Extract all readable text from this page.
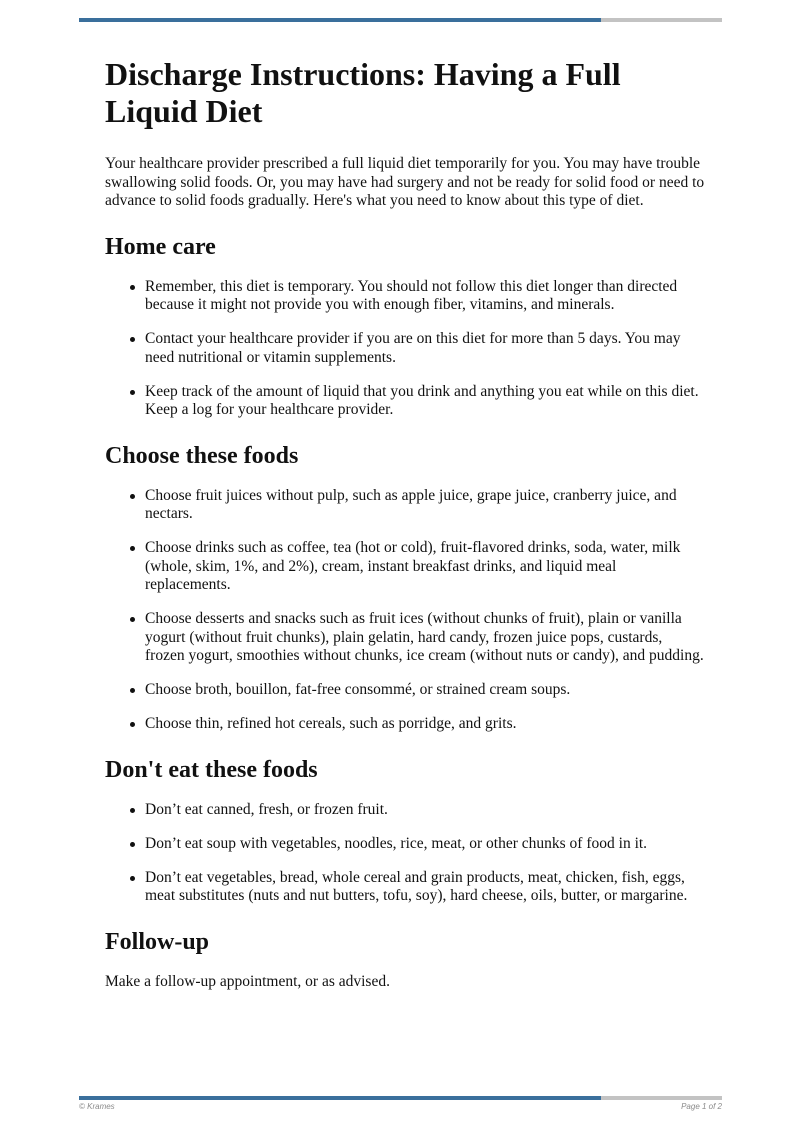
Discharge Instructions: Having a Full Liquid Diet

Your healthcare provider prescribed a full liquid diet temporarily for you. You may have trouble swallowing solid foods. Or, you may have had surgery and not be ready for solid food or need to advance to solid foods gradually. Here's what you need to know about this type of diet.

Home care
Remember, this diet is temporary. You should not follow this diet longer than directed because it might not provide you with enough fiber, vitamins, and minerals.
Contact your healthcare provider if you are on this diet for more than 5 days. You may need nutritional or vitamin supplements.
Keep track of the amount of liquid that you drink and anything you eat while on this diet. Keep a log for your healthcare provider.
Choose these foods
Choose fruit juices without pulp, such as apple juice, grape juice, cranberry juice, and nectars.
Choose drinks such as coffee, tea (hot or cold), fruit-flavored drinks, soda, water, milk (whole, skim, 1%, and 2%), cream, instant breakfast drinks, and liquid meal replacements.
Choose desserts and snacks such as fruit ices (without chunks of fruit), plain or vanilla yogurt (without fruit chunks), plain gelatin, hard candy, frozen juice pops, custards, frozen yogurt, smoothies without chunks, ice cream (without nuts or candy), and pudding.
Choose broth, bouillon, fat-free consommé, or strained cream soups.
Choose thin, refined hot cereals, such as porridge, and grits.
Don't eat these foods
Don’t eat canned, fresh, or frozen fruit.
Don’t eat soup with vegetables, noodles, rice, meat, or other chunks of food in it.
Don’t eat vegetables, bread, whole cereal and grain products, meat, chicken, fish, eggs, meat substitutes (nuts and nut butters, tofu, soy), hard cheese, oils, butter, or margarine.
Follow-up

Make a follow-up appointment, or as advised.

© Krames	Page 1 of 2
